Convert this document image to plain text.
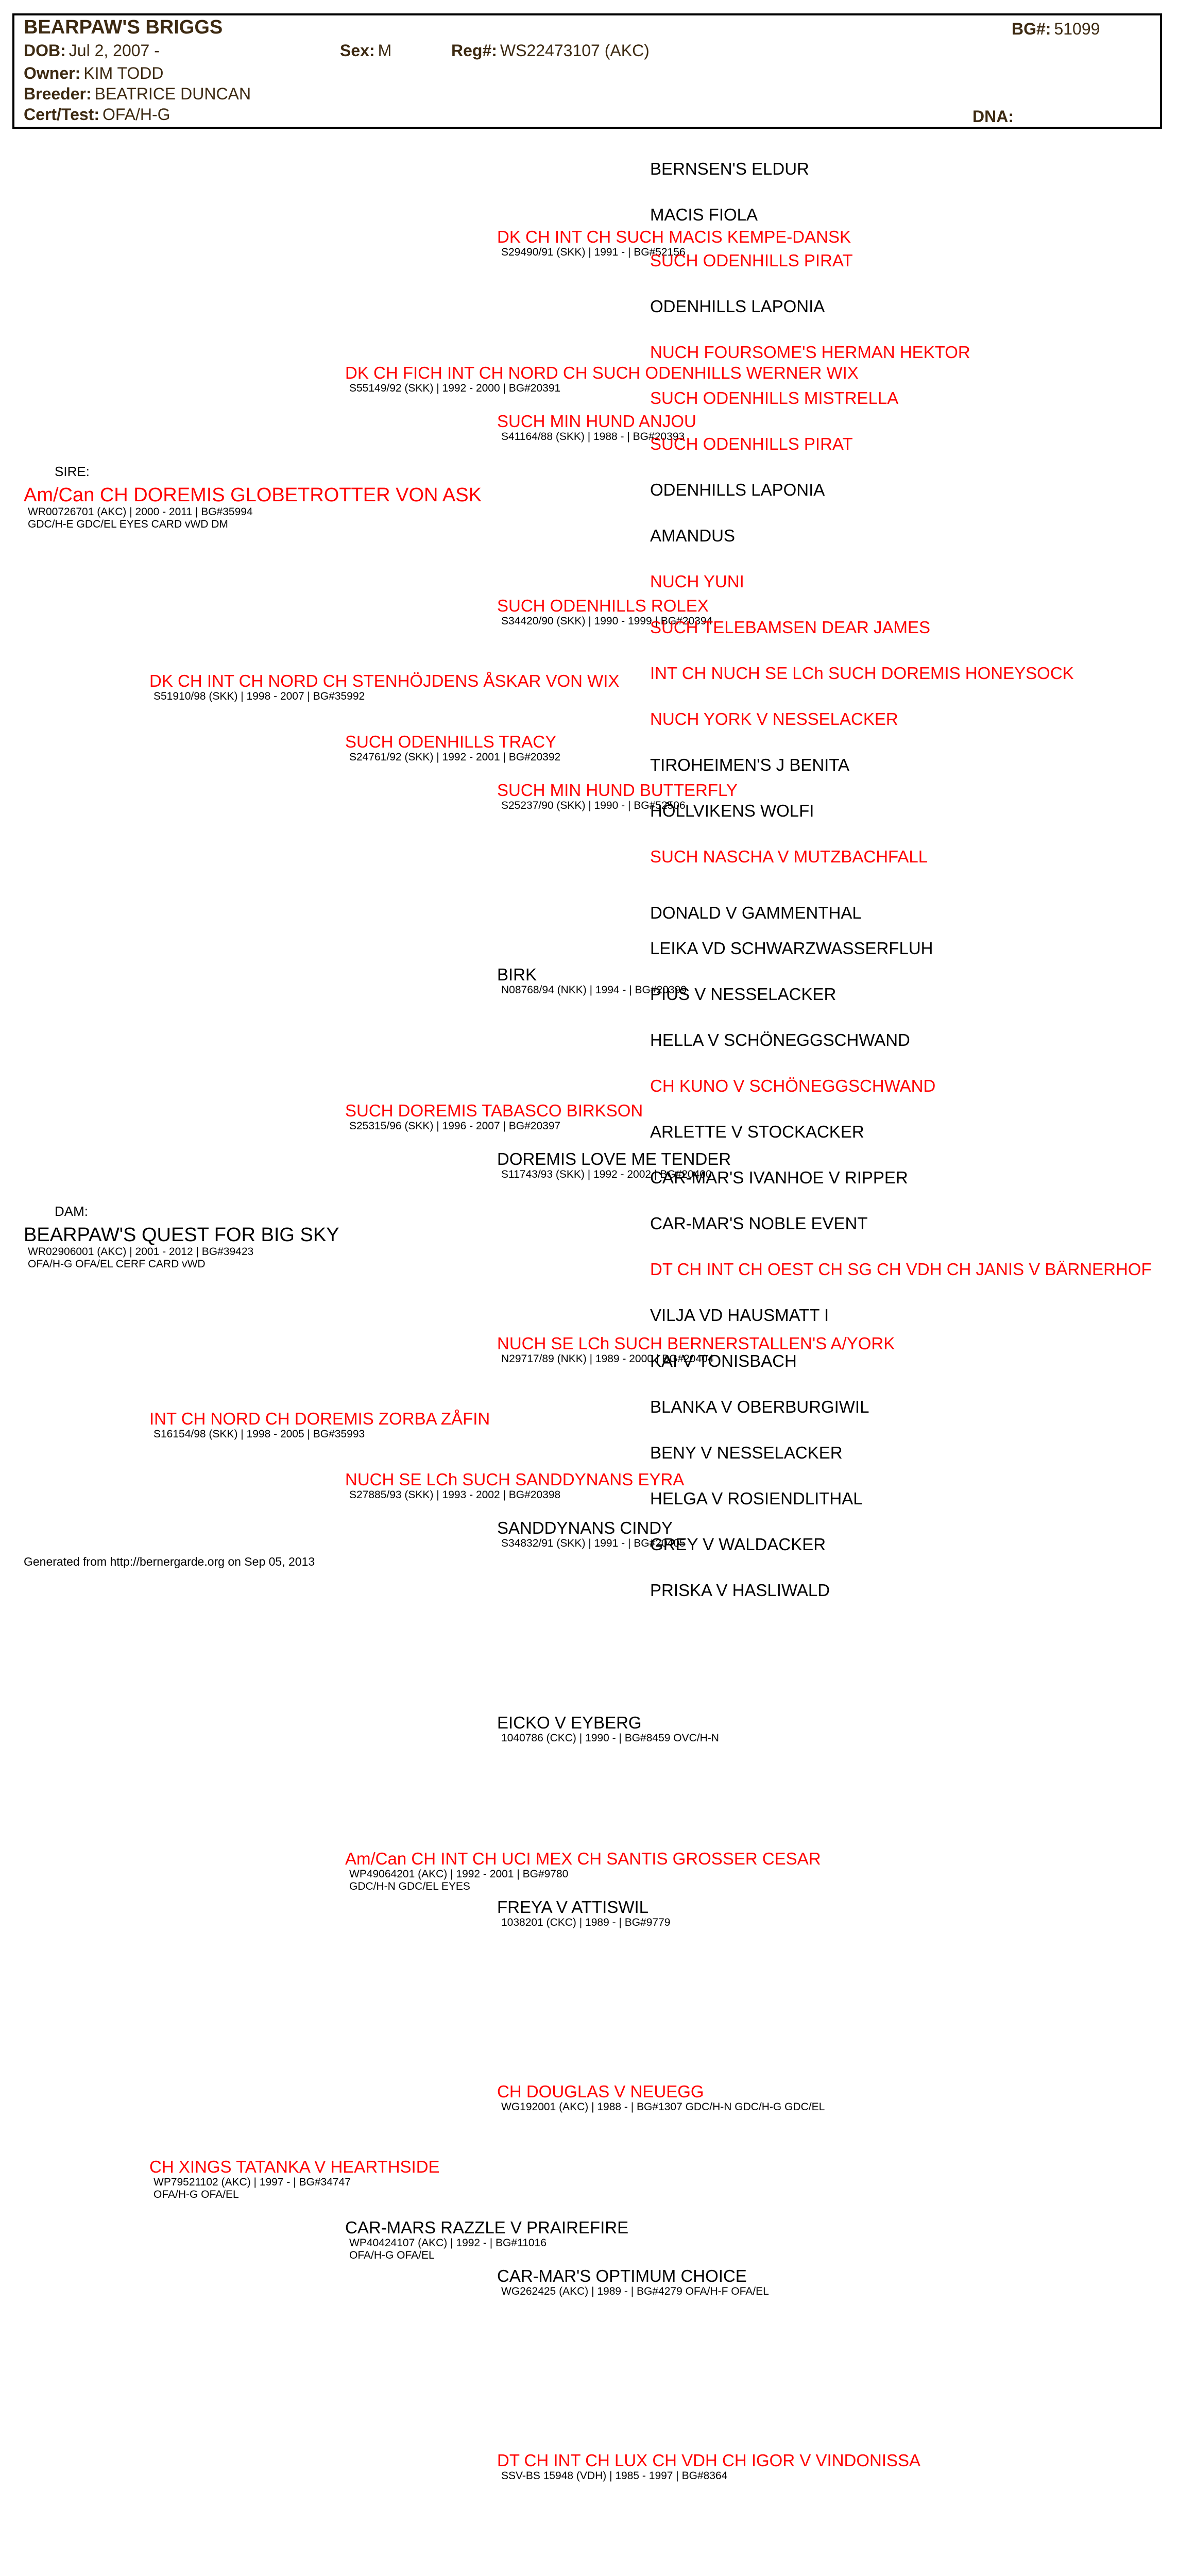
BEARPAW'S BRIGGS	BG#: 51099
DOB: Jul 2, 2007 -	Sex: M	Reg#: WS22473107 (AKC)
Owner: KIM TODD
Breeder: BEATRICE DUNCAN
Cert/Test: OFA/H-G	DNA:
SIRE:
DAM:
BERNSEN'S ELDUR
DK CH INT CH SUCH MACIS KEMPE-DANSK
S29490/91 (SKK) | 1991 - | BG#52156
MACIS FIOLA
DK CH FICH INT CH NORD CH SUCH ODENHILLS WERNER WIX
S55149/92 (SKK) | 1992 - 2000 | BG#20391
SUCH ODENHILLS PIRAT
SUCH MIN HUND ANJOU
S41164/88 (SKK) | 1988 - | BG#20393
ODENHILLS LAPONIA
DK CH INT CH NORD CH STENHÖJDENS ÅSKAR VON WIX
S51910/98 (SKK) | 1998 - 2007 | BG#35992
NUCH FOURSOME'S HERMAN HEKTOR
SUCH ODENHILLS ROLEX
S34420/90 (SKK) | 1990 - 1999 | BG#20394
SUCH ODENHILLS MISTRELLA
SUCH ODENHILLS TRACY
S24761/92 (SKK) | 1992 - 2001 | BG#20392
SUCH ODENHILLS PIRAT
SUCH MIN HUND BUTTERFLY
S25237/90 (SKK) | 1990 - | BG#52506
ODENHILLS LAPONIA
Am/Can CH DOREMIS GLOBETROTTER VON ASK
WR00726701 (AKC) | 2000 - 2011 | BG#35994
GDC/H-E GDC/EL EYES CARD vWD DM
AMANDUS
BIRK
N08768/94 (NKK) | 1994 - | BG#20399
NUCH YUNI
SUCH DOREMIS TABASCO BIRKSON
S25315/96 (SKK) | 1996 - 2007 | BG#20397
SUCH TELEBAMSEN DEAR JAMES
DOREMIS LOVE ME TENDER
S11743/93 (SKK) | 1992 - 2002 | BG#20400
INT CH NUCH SE LCh SUCH DOREMIS HONEYSOCK
INT CH NORD CH DOREMIS ZORBA ZÅFIN
S16154/98 (SKK) | 1998 - 2005 | BG#35993
NUCH YORK V NESSELACKER
NUCH SE LCh SUCH BERNERSTALLEN'S A/YORK
N29717/89 (NKK) | 1989 - 2000 | BG#20404
TIROHEIMEN'S J BENITA
NUCH SE LCh SUCH SANDDYNANS EYRA
S27885/93 (SKK) | 1993 - 2002 | BG#20398
HÖLLVIKENS WOLFI
SANDDYNANS CINDY
S34832/91 (SKK) | 1991 - | BG#20405
SUCH NASCHA V MUTZBACHFALL
DONALD V GAMMENTHAL
EICKO V EYBERG
1040786 (CKC) | 1990 - | BG#8459 OVC/H-N
LEIKA VD SCHWARZWASSERFLUH
Am/Can CH INT CH UCI MEX CH SANTIS GROSSER CESAR
WP49064201 (AKC) | 1992 - 2001 | BG#9780
GDC/H-N GDC/EL EYES
PIUS V NESSELACKER
FREYA V ATTISWIL
1038201 (CKC) | 1989 - | BG#9779
HELLA V SCHÖNEGGSCHWAND
CH XINGS TATANKA V HEARTHSIDE
WP79521102 (AKC) | 1997 - | BG#34747
OFA/H-G OFA/EL
CH KUNO V SCHÖNEGGSCHWAND
CH DOUGLAS V NEUEGG
WG192001 (AKC) | 1988 - | BG#1307 GDC/H-N GDC/H-G GDC/EL
ARLETTE V STOCKACKER
CAR-MARS RAZZLE V PRAIREFIRE
WP40424107 (AKC) | 1992 - | BG#11016
OFA/H-G OFA/EL
CAR-MAR'S IVANHOE V RIPPER
CAR-MAR'S OPTIMUM CHOICE
WG262425 (AKC) | 1989 - | BG#4279 OFA/H-F OFA/EL
CAR-MAR'S NOBLE EVENT
BEARPAW'S QUEST FOR BIG SKY
WR02906001 (AKC) | 2001 - 2012 | BG#39423
OFA/H-G OFA/EL CERF CARD vWD	DT CH INT CH OEST CH SG CH VDH CH JANIS V BÄRNERHOF
DT CH INT CH LUX CH VDH CH IGOR V VINDONISSA
SSV-BS 15948 (VDH) | 1985 - 1997 | BG#8364
VILJA VD HAUSMATT I
KAI V TONISBACH
BLANKA V OBERBURGIWIL
BENY V NESSELACKER
HELGA V ROSIENDLITHAL
GREY V WALDACKER
PRISKA V HASLIWALD
Generated from http://bernergarde.org on Sep 05, 2013
